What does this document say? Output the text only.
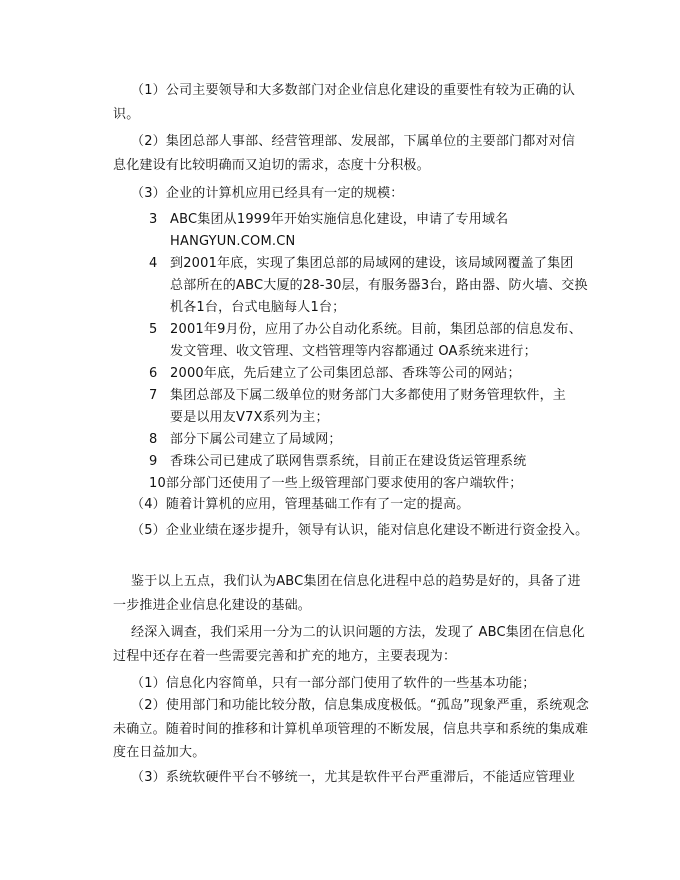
（1）公司主要领导和大多数部门对企业信息化建设的重要性有较为正确的认
识。
（2）集团总部人事部、经营管理部、发展部，下属单位的主要部门都对对信
息化建设有比较明确而又迫切的需求，态度十分积极。
（3）企业的计算机应用已经具有一定的规模：
3 ABC集团从1999年开始实施信息化建设，申请了专用域名
HANGYUN.COM.CN
4 到2001年底，实现了集团总部的局域网的建设，该局域网覆盖了集团
总部所在的ABC大厦的28-30层，有服务器3台，路由器、防火墙、交换
机各1台，台式电脑每人1台；
5 2001年9月份，应用了办公自动化系统。目前，集团总部的信息发布、
发文管理、收文管理、文档管理等内容都通过 OA系统来进行；
6 2000年底，先后建立了公司集团总部、香珠等公司的网站；
7 集团总部及下属二级单位的财务部门大多都使用了财务管理软件，主
要是以用友V7X系列为主；
8 部分下属公司建立了局域网；
9 香珠公司已建成了联网售票系统，目前正在建设货运管理系统
10 部分部门还使用了一些上级管理部门要求使用的客户端软件；
（4）随着计算机的应用，管理基础工作有了一定的提高。
（5）企业业绩在逐步提升，领导有认识，能对信息化建设不断进行资金投入。
鉴于以上五点，我们认为ABC集团在信息化进程中总的趋势是好的，具备了进
一步推进企业信息化建设的基础。
经深入调查，我们采用一分为二的认识问题的方法，发现了 ABC集团在信息化
过程中还存在着一些需要完善和扩充的地方，主要表现为：
（1）信息化内容简单，只有一部分部门使用了软件的一些基本功能；
（2）使用部门和功能比较分散，信息集成度极低。“孤岛”现象严重，系统观念
未确立。随着时间的推移和计算机单项管理的不断发展，信息共享和系统的集成难
度在日益加大。
（3）系统软硬件平台不够统一，尤其是软件平台严重滞后，不能适应管理业
